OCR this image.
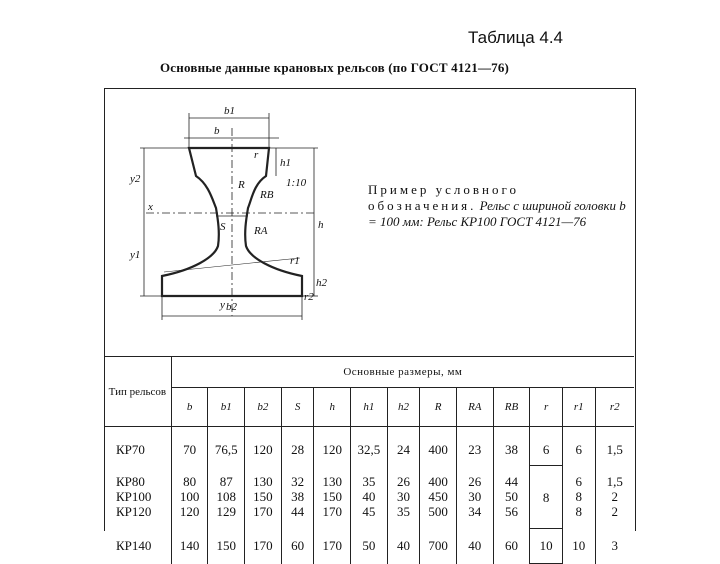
Таблица 4.4
Основные данные крановых рельсов (по ГОСТ 4121—76)
b1
b2
b
h1
h2
h
y1
y2
x
y
S
R
RA
RB
r
r1
r2
1:10	Пример условного обозначения. Рельс с шириной головки b = 100 мм: Рельс КР100 ГОСТ 4121—76
Тип рельсов	Основные размеры, мм												
	b	b1	b2	S	h	h1	h2	R	RA	RB	r	r1	r2
КР70	70	76,5	120	28	120	32,5	24	400	23	38	6	6	1,5
КР80	80	87	130	32	130	35	26	400	26	44	8	6	1,5
КР100	100	108	150	38	150	40	30	450	30	50		8	2
КР120	120	129	170	44	170	45	35	500	34	56		8	2
КР140	140	150	170	60	170	50	40	700	40	60	10	10	3
